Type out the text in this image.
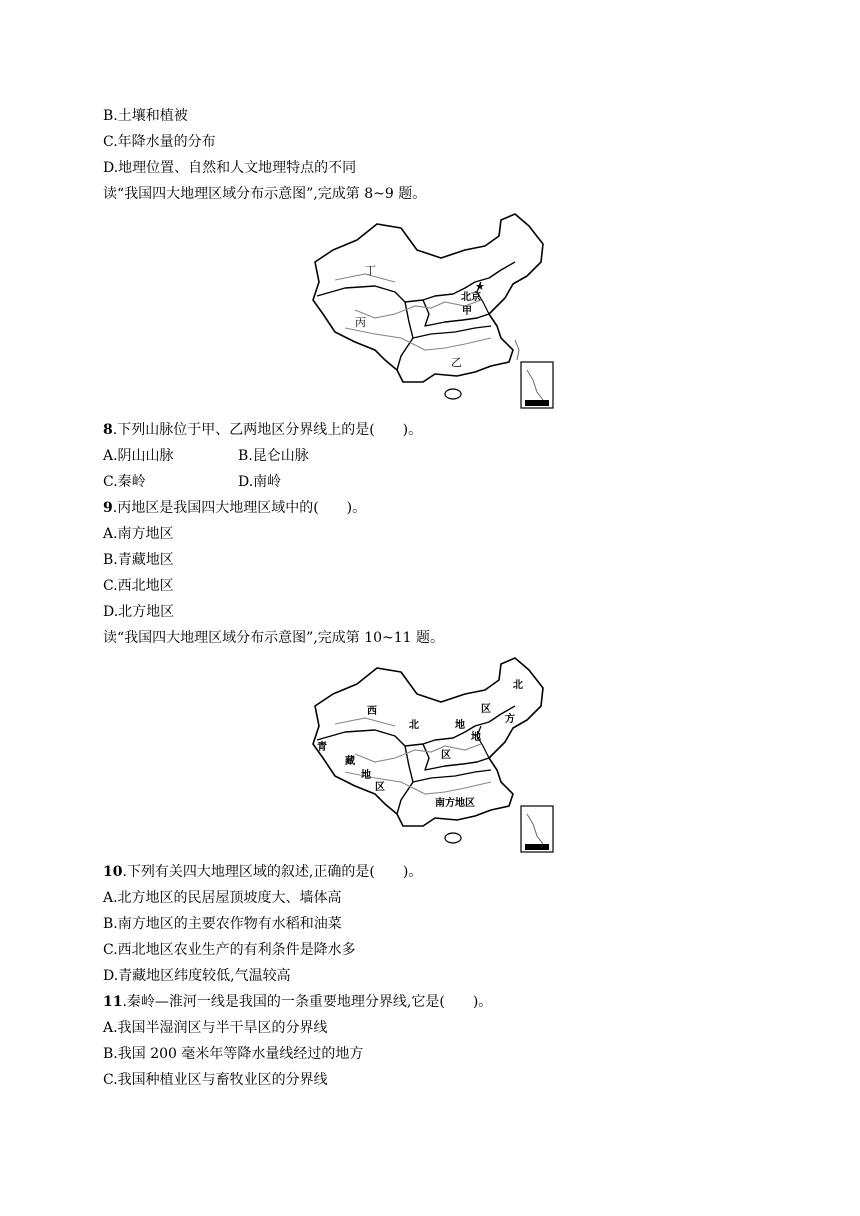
B.土壤和植被
C.年降水量的分布
D.地理位置、自然和人文地理特点的不同
读“我国四大地理区域分布示意图”,完成第 8~9 题。
丁
丙
甲
乙
北京
★
8.下列山脉位于甲、乙两地区分界线上的是(　　)。
A.阴山山脉	B.昆仑山脉
C.秦岭	D.南岭
9.丙地区是我国四大地理区域中的(　　)。
A.南方地区
B.青藏地区
C.西北地区
D.北方地区
读“我国四大地理区域分布示意图”,完成第 10~11 题。
西
北	地
区
北
区
方
地
青
藏
地
区
南方地区
10.下列有关四大地理区域的叙述,正确的是(　　)。
A.北方地区的民居屋顶坡度大、墙体高
B.南方地区的主要农作物有水稻和油菜
C.西北地区农业生产的有利条件是降水多
D.青藏地区纬度较低,气温较高
11.秦岭—淮河一线是我国的一条重要地理分界线,它是(　　)。
A.我国半湿润区与半干旱区的分界线
B.我国 200 毫米年等降水量线经过的地方
C.我国种植业区与畜牧业区的分界线
